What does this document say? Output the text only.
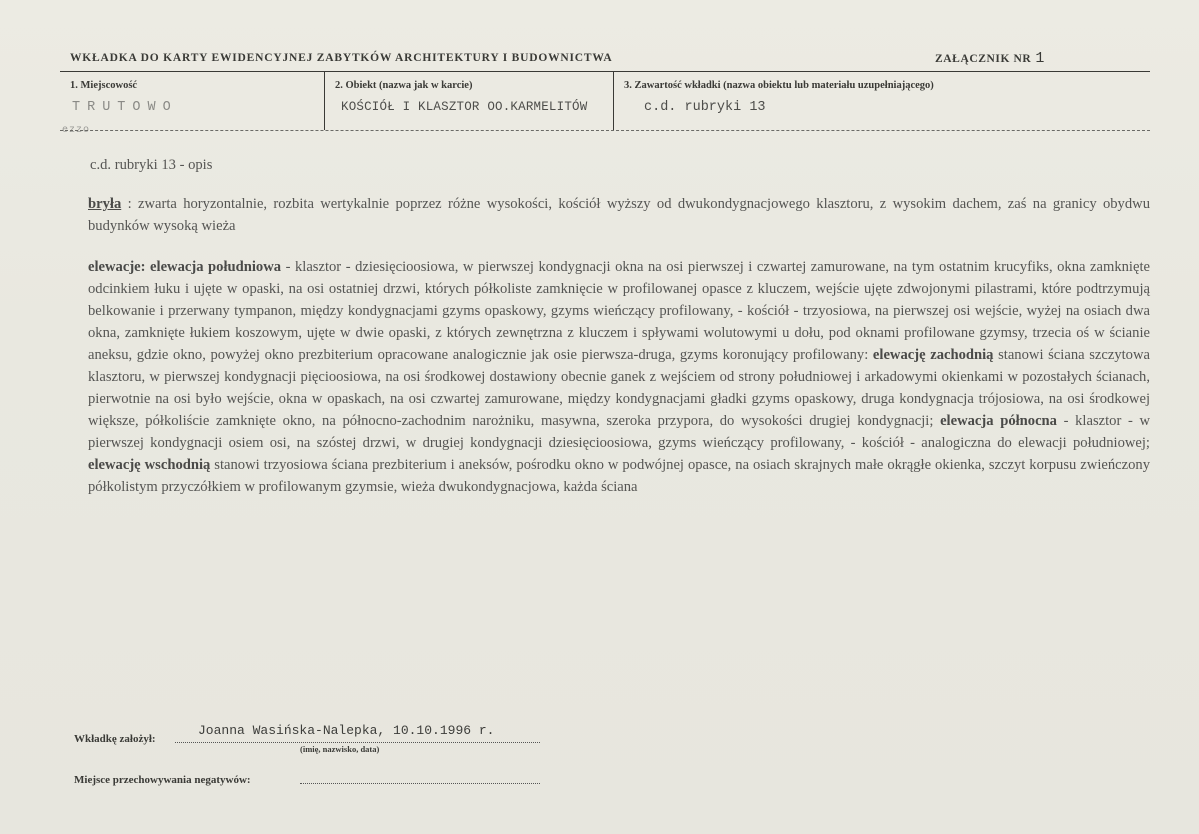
WKŁADKA DO KARTY EWIDENCYJNEJ ZABYTKÓW ARCHITEKTURY I BUDOWNICTWA	ZAŁĄCZNIK NR 1
1. Miejscowość
TRUTOWO
2. Obiekt (nazwa jak w karcie)
KOŚCIÓŁ I KLASZTOR OO.KARMELITÓW
3. Zawartość wkładki (nazwa obiektu lub materiału uzupełniającego)
c.d. rubryki 13
ezzo

c.d. rubryki 13 - opis

bryła : zwarta horyzontalnie, rozbita wertykalnie poprzez różne wysokości, kościół wyższy od dwukondygnacjowego klasztoru, z wysokim dachem, zaś na granicy obydwu budynków wysoką wieża

elewacje: elewacja południowa - klasztor - dziesięcioosiowa, w pierwszej kondygnacji okna na osi pierwszej i czwartej zamurowane, na tym ostatnim krucyfiks, okna zamknięte odcinkiem łuku i ujęte w opaski, na osi ostatniej drzwi, których półkoliste zamknięcie w profilowanej opasce z kluczem, wejście ujęte zdwojonymi pilastrami, które podtrzymują belkowanie i przerwany tympanon, między kondygnacjami gzyms opaskowy, gzyms wieńczący profilowany, - kościół - trzyosiowa, na pierwszej osi wejście, wyżej na osiach dwa okna, zamknięte łukiem koszowym, ujęte w dwie opaski, z których zewnętrzna z kluczem i spływami wolutowymi u dołu, pod oknami profilowane gzymsy, trzecia oś w ścianie aneksu, gdzie okno, powyżej okno prezbiterium opracowane analogicznie jak osie pierwsza-druga, gzyms koronujący profilowany: elewację zachodnią stanowi ściana szczytowa klasztoru, w pierwszej kondygnacji pięcioosiowa, na osi środkowej dostawiony obecnie ganek z wejściem od strony południowej i arkadowymi okienkami w pozostałych ścianach, pierwotnie na osi było wejście, okna w opaskach, na osi czwartej zamurowane, między kondygnacjami gładki gzyms opaskowy, druga kondygnacja trójosiowa, na osi środkowej większe, półkoliście zamknięte okno, na północno-zachodnim narożniku, masywna, szeroka przypora, do wysokości drugiej kondygnacji; elewacja północna - klasztor - w pierwszej kondygnacji osiem osi, na szóstej drzwi, w drugiej kondygnacji dziesięcioosiowa, gzyms wieńczący profilowany, - kościół - analogiczna do elewacji południowej; elewację wschodnią stanowi trzyosiowa ściana prezbiterium i aneksów, pośrodku okno w podwójnej opasce, na osiach skrajnych małe okrągłe okienka, szczyt korpusu zwieńczony półkolistym przyczółkiem w profilowanym gzymsie, wieża dwukondygnacjowa, każda ściana

Wkładkę założył:
Joanna Wasińska-Nalepka, 10.10.1996 r.
(imię, nazwisko, data)
Miejsce przechowywania negatywów:
